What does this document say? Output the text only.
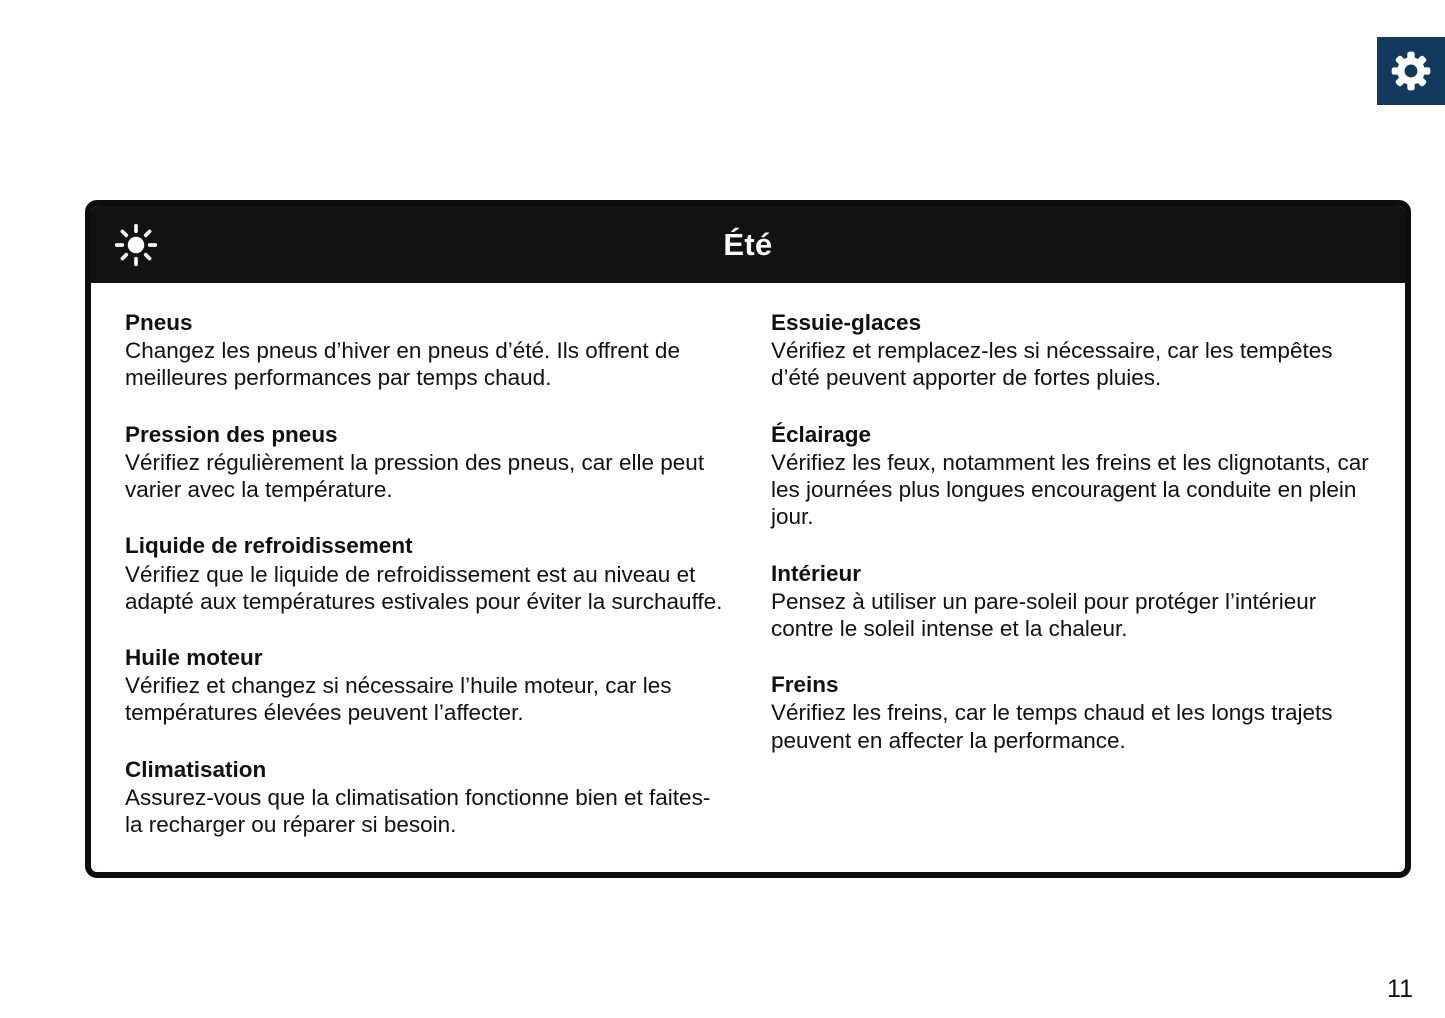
Été
Pneus

Changez les pneus d’hiver en pneus d’été. Ils offrent de meilleures performances par temps chaud.

Pression des pneus

Vérifiez régulièrement la pression des pneus, car elle peut varier avec la température.

Liquide de refroidissement

Vérifiez que le liquide de refroidissement est au niveau et adapté aux températures estivales pour éviter la surchauffe.

Huile moteur

Vérifiez et changez si nécessaire l’huile moteur, car les températures élevées peuvent l’affecter.

Climatisation

Assurez-vous que la climatisation fonctionne bien et faites-la recharger ou réparer si besoin.

Essuie-glaces

Vérifiez et remplacez-les si nécessaire, car les tempêtes d’été peuvent apporter de fortes pluies.

Éclairage

Vérifiez les feux, notamment les freins et les clignotants, car les journées plus longues encouragent la conduite en plein jour.

Intérieur

Pensez à utiliser un pare-soleil pour protéger l’intérieur contre le soleil intense et la chaleur.

Freins

Vérifiez les freins, car le temps chaud et les longs trajets peuvent en affecter la performance.

11
